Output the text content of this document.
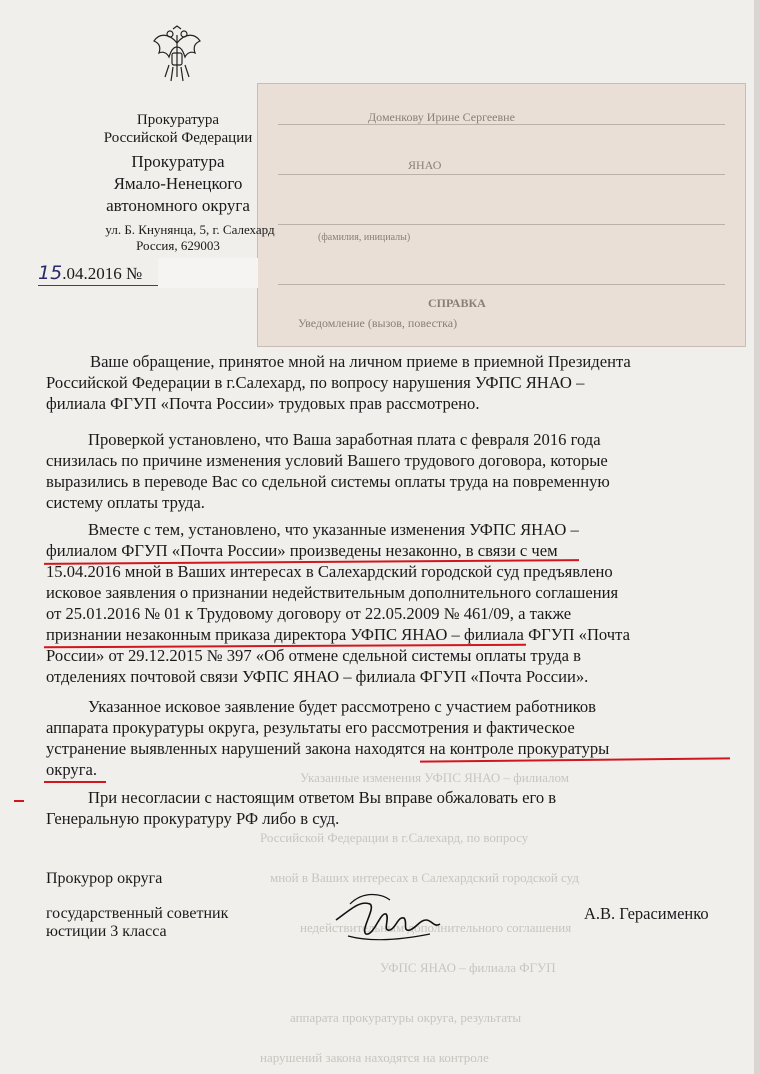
Указанные изменения УФПС ЯНАО – филиалом
Российской Федерации в г.Салехард, по вопросу
мной в Ваших интересах в Салехардский городской суд
недействительным дополнительного соглашения
УФПС ЯНАО – филиала ФГУП
аппарата прокуратуры округа, результаты
нарушений закона находятся на контроле
Доменкову Ирине Сергеевне
ЯНАО
(фамилия, инициалы)
СПРАВКА
Уведомление (вызов, повестка)
Прокуратура
Российской Федерации
Прокуратура
Ямало-Ненецкого
автономного округа
ул. Б. Кнунянца, 5, г. Салехард
Россия, 629003
15.04.2016 №
Ваше обращение, принятое мной на личном приеме в приемной Президента
Российской Федерации в г.Салехард, по вопросу нарушения УФПС ЯНАО –
филиала ФГУП «Почта России» трудовых прав рассмотрено.
Проверкой установлено, что Ваша заработная плата с февраля 2016 года
снизилась по причине изменения условий Вашего трудового договора, которые
выразились в переводе Вас со сдельной системы оплаты труда на повременную
систему оплаты труда.
Вместе с тем, установлено, что указанные изменения УФПС ЯНАО –
филиалом ФГУП «Почта России» произведены незаконно, в связи с чем
15.04.2016 мной в Ваших интересах в Салехардский городской суд предъявлено
исковое заявления о признании недействительным дополнительного соглашения
от 25.01.2016 № 01 к Трудовому договору от 22.05.2009 № 461/09, а также
признании незаконным приказа директора УФПС ЯНАО – филиала ФГУП «Почта
России» от 29.12.2015 № 397 «Об отмене сдельной системы оплаты труда в
отделениях почтовой связи УФПС ЯНАО – филиала ФГУП «Почта России».
Указанное исковое заявление будет рассмотрено с участием работников
аппарата прокуратуры округа, результаты его рассмотрения и фактическое
устранение выявленных нарушений закона находятся на контроле прокуратуры
округа.
При несогласии с настоящим ответом Вы вправе обжаловать его в
Генеральную прокуратуру РФ либо в суд.
Прокурор округа
государственный советник
юстиции 3 класса
А.В. Герасименко
